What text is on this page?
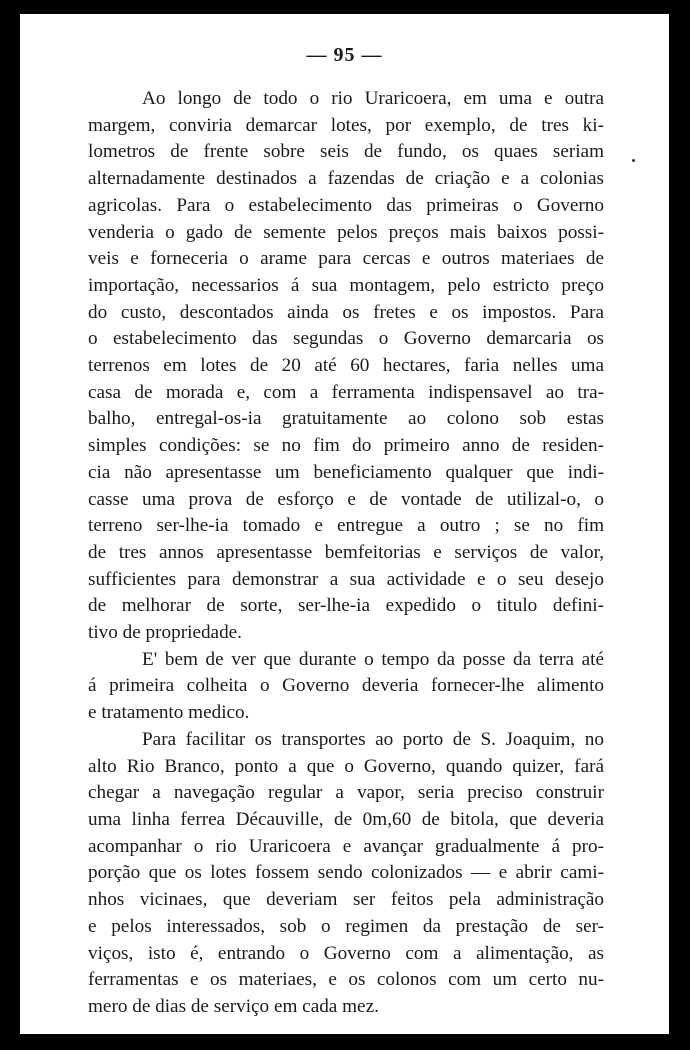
— 95 —

Ao longo de todo o rio Uraricoera, em uma e outra
margem, conviria demarcar lotes, por exemplo, de tres ki-
lometros de frente sobre seis de fundo, os quaes seriam
alternadamente destinados a fazendas de criação e a colonias
agricolas. Para o estabelecimento das primeiras o Governo
venderia o gado de semente pelos preços mais baixos possi-
veis e forneceria o arame para cercas e outros materiaes de
importação, necessarios á sua montagem, pelo estricto preço
do custo, descontados ainda os fretes e os impostos. Para
o estabelecimento das segundas o Governo demarcaria os
terrenos em lotes de 20 até 60 hectares, faria nelles uma
casa de morada e, com a ferramenta indispensavel ao tra-
balho, entregal-os-ia gratuitamente ao colono sob estas
simples condições: se no fim do primeiro anno de residen-
cia não apresentasse um beneficiamento qualquer que indi-
casse uma prova de esforço e de vontade de utilizal-o, o
terreno ser-lhe-ia tomado e entregue a outro ; se no fim
de tres annos apresentasse bemfeitorias e serviços de valor,
sufficientes para demonstrar a sua actividade e o seu desejo
de melhorar de sorte, ser-lhe-ia expedido o titulo defini-
tivo de propriedade.

E' bem de ver que durante o tempo da posse da terra até
á primeira colheita o Governo deveria fornecer-lhe alimento
e tratamento medico.

Para facilitar os transportes ao porto de S. Joaquim, no
alto Rio Branco, ponto a que o Governo, quando quizer, fará
chegar a navegação regular a vapor, seria preciso construir
uma linha ferrea Décauville, de 0m,60 de bitola, que deveria
acompanhar o rio Uraricoera e avançar gradualmente á pro-
porção que os lotes fossem sendo colonizados — e abrir cami-
nhos vicinaes, que deveriam ser feitos pela administração
e pelos interessados, sob o regimen da prestação de ser-
viços, isto é, entrando o Governo com a alimentação, as
ferramentas e os materiaes, e os colonos com um certo nu-
mero de dias de serviço em cada mez.
